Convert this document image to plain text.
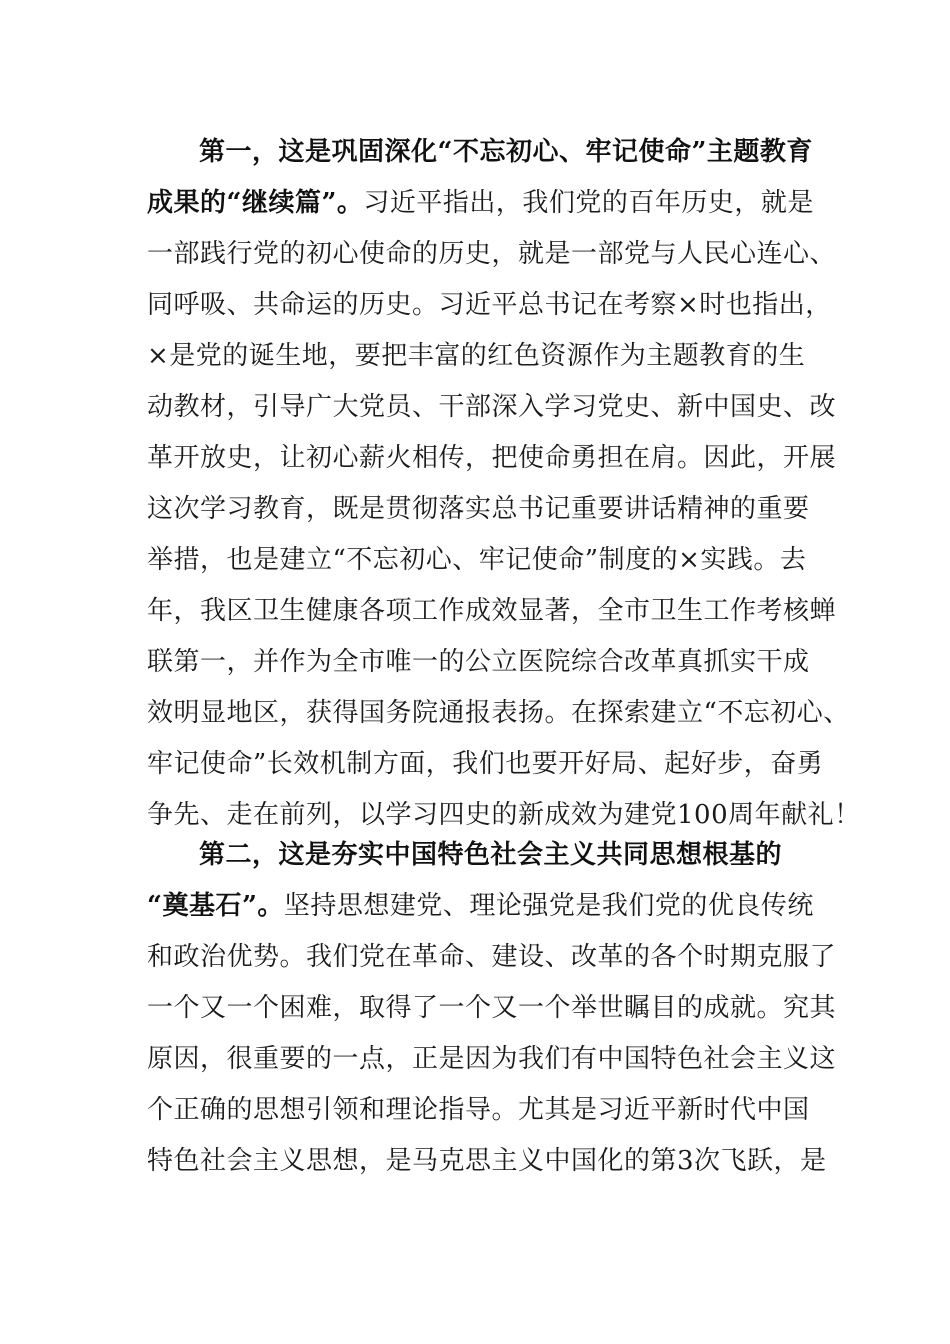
第一，这是巩固深化“不忘初心、牢记使命”主题教育
成果的“继续篇”。习近平指出，我们党的百年历史，就是
一部践行党的初心使命的历史，就是一部党与人民心连心、
同呼吸、共命运的历史。习近平总书记在考察×时也指出，
×是党的诞生地，要把丰富的红色资源作为主题教育的生
动教材，引导广大党员、干部深入学习党史、新中国史、改
革开放史，让初心薪火相传，把使命勇担在肩。因此，开展
这次学习教育，既是贯彻落实总书记重要讲话精神的重要
举措，也是建立“不忘初心、牢记使命”制度的×实践。去
年，我区卫生健康各项工作成效显著，全市卫生工作考核蝉
联第一，并作为全市唯一的公立医院综合改革真抓实干成
效明显地区，获得国务院通报表扬。在探索建立“不忘初心、
牢记使命”长效机制方面，我们也要开好局、起好步，奋勇
争先、走在前列，以学习四史的新成效为建党100周年献礼！
第二，这是夯实中国特色社会主义共同思想根基的
“奠基石”。坚持思想建党、理论强党是我们党的优良传统
和政治优势。我们党在革命、建设、改革的各个时期克服了
一个又一个困难，取得了一个又一个举世瞩目的成就。究其
原因，很重要的一点，正是因为我们有中国特色社会主义这
个正确的思想引领和理论指导。尤其是习近平新时代中国
特色社会主义思想，是马克思主义中国化的第3次飞跃，是
